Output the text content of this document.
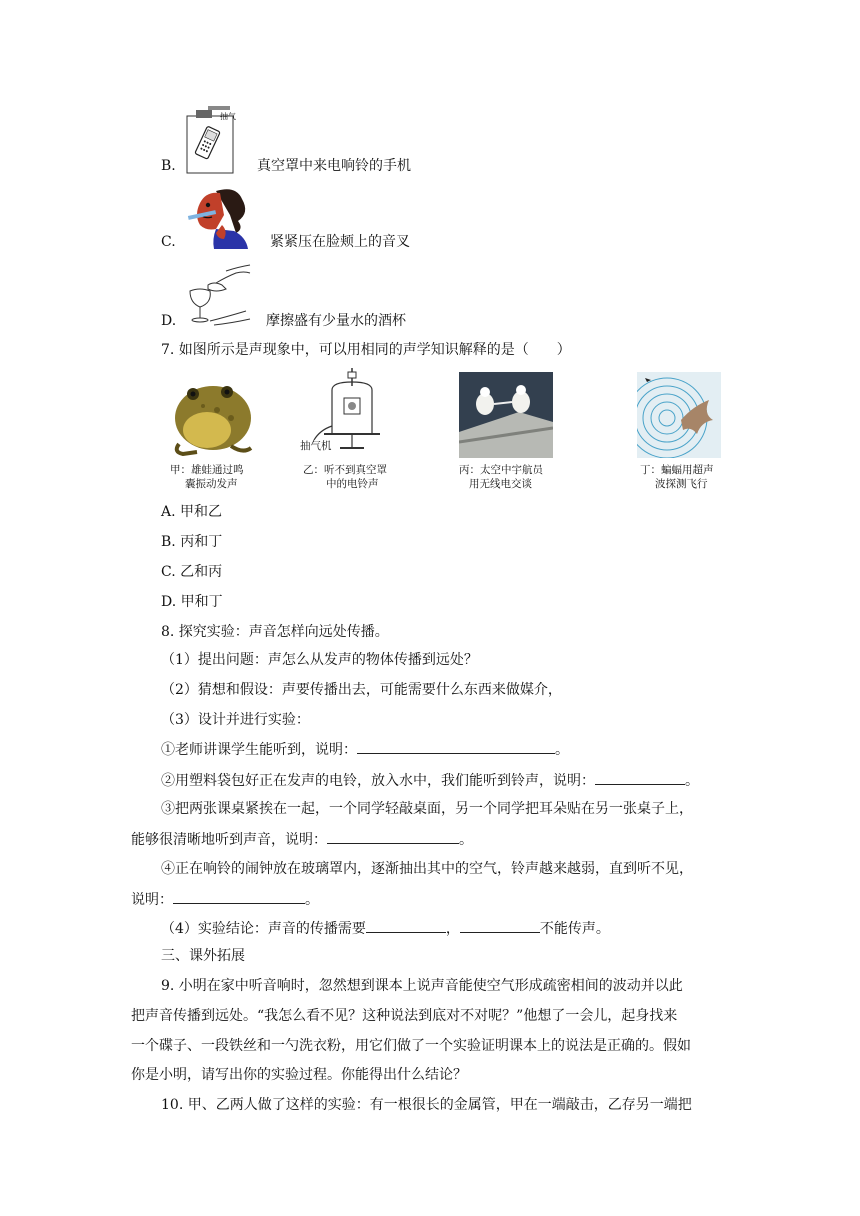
抽气
B.	真空罩中来电响铃的手机
C.	紧紧压在脸颊上的音叉
D.	摩擦盛有少量水的酒杯
7. 如图所示是声现象中，可以用相同的声学知识解释的是（　　）
甲：雄蛙通过鸣
囊振动发声
抽气机
乙：听不到真空罩
中的电铃声
丙：太空中宇航员
用无线电交谈
丁：蝙蝠用超声
波探测飞行
A. 甲和乙
B. 丙和丁
C. 乙和丙
D. 甲和丁
8. 探究实验：声音怎样向远处传播。
（1）提出问题：声怎么从发声的物体传播到远处？
（2）猜想和假设：声要传播出去，可能需要什么东西来做媒介，
（3）设计并进行实验：
①老师讲课学生能听到，说明：	。
②用塑料袋包好正在发声的电铃，放入水中，我们能听到铃声，说明：	。
③把两张课桌紧挨在一起，一个同学轻敲桌面，另一个同学把耳朵贴在另一张桌子上，
能够很清晰地听到声音，说明：	。
④正在响铃的闹钟放在玻璃罩内，逐渐抽出其中的空气，铃声越来越弱，直到听不见，
说明：	。
（4）实验结论：声音的传播需要	，	不能传声。
三、课外拓展
9. 小明在家中听音响时，忽然想到课本上说声音能使空气形成疏密相间的波动并以此
把声音传播到远处。“我怎么看不见？这种说法到底对不对呢？”他想了一会儿，起身找来
一个碟子、一段铁丝和一勺洗衣粉，用它们做了一个实验证明课本上的说法是正确的。假如
你是小明，请写出你的实验过程。你能得出什么结论？
10. 甲、乙两人做了这样的实验：有一根很长的金属管，甲在一端敲击，乙存另一端把
